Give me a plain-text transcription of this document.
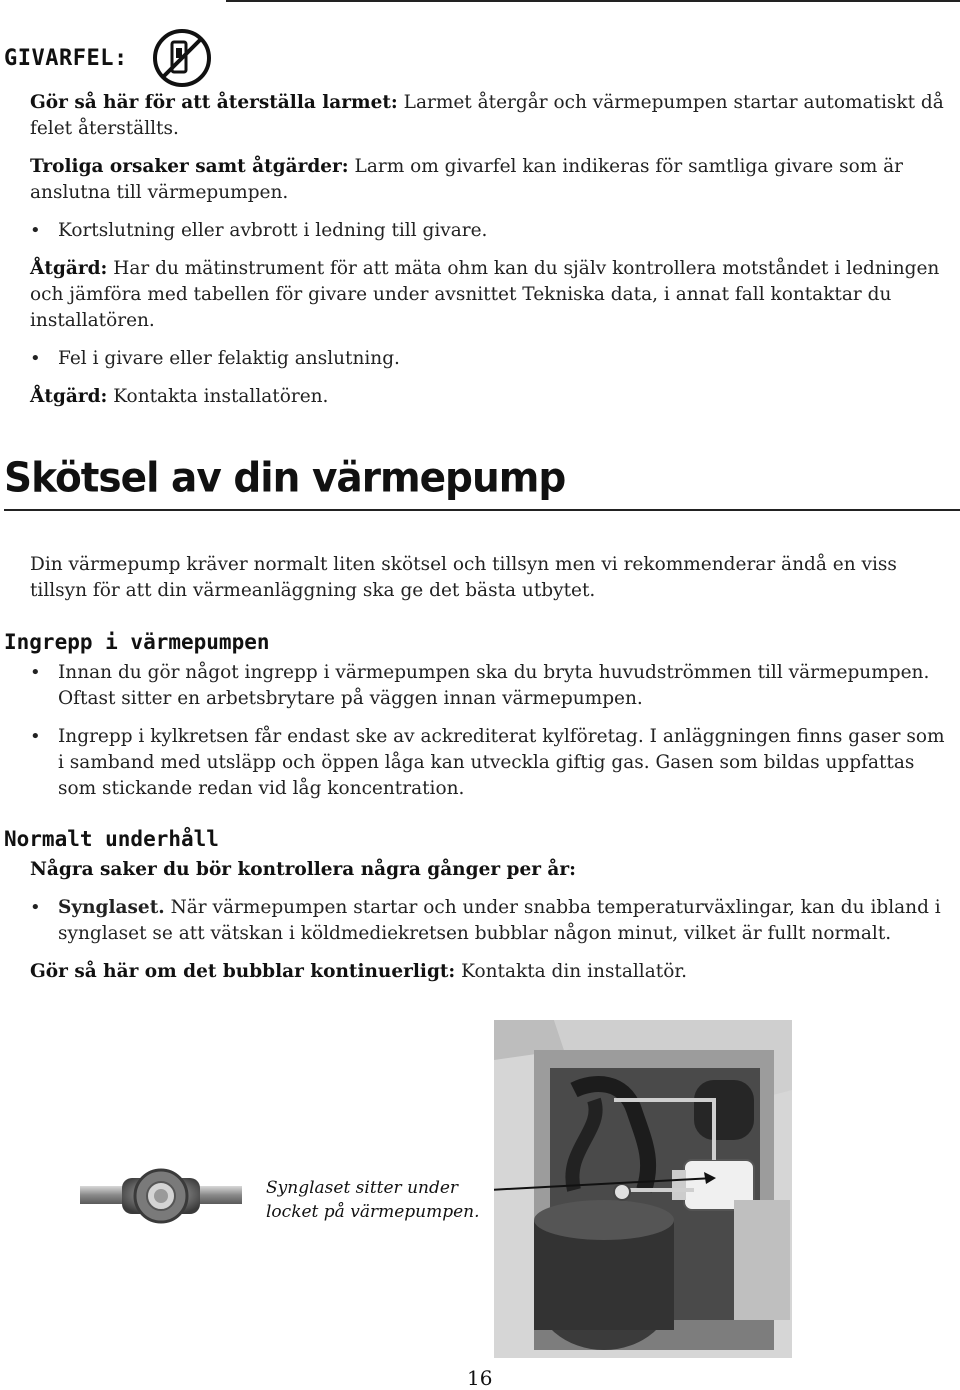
GIVARFEL:

Gör så här för att återställa larmet: Larmet återgår och värmepumpen startar automatiskt då felet återställts.

Troliga orsaker samt åtgärder: Larm om givarfel kan indikeras för samtliga givare som är anslutna till värmepumpen.

• Kortslutning eller avbrott i ledning till givare.

Åtgärd: Har du mätinstrument för att mäta ohm kan du själv kontrollera motståndet i ledningen och jämföra med tabellen för givare under avsnittet Tekniska data, i annat fall kontaktar du installatören.

• Fel i givare eller felaktig anslutning.

Åtgärd: Kontakta installatören.

Skötsel av din värmepump

Din värmepump kräver normalt liten skötsel och tillsyn men vi rekommenderar ändå en viss tillsyn för att din värmeanläggning ska ge det bästa utbytet.

Ingrepp i värmepumpen

• Innan du gör något ingrepp i värmepumpen ska du bryta huvudströmmen till värmepumpen. Oftast sitter en arbetsbrytare på väggen innan värmepumpen.

• Ingrepp i kylkretsen får endast ske av ackrediterat kylföretag. I anläggningen finns gaser som i samband med utsläpp och öppen låga kan utveckla giftig gas. Gasen som bildas uppfattas som stickande redan vid låg koncentration.

Normalt underhåll

Några saker du bör kontrollera några gånger per år:

• Synglaset. När värmepumpen startar och under snabba temperaturväxlingar, kan du ibland i synglaset se att vätskan i köldmediekretsen bubblar någon minut, vilket är fullt normalt.

Gör så här om det bubblar kontinuerligt: Kontakta din installatör.

Synglaset sitter under
locket på värmepumpen.

16
